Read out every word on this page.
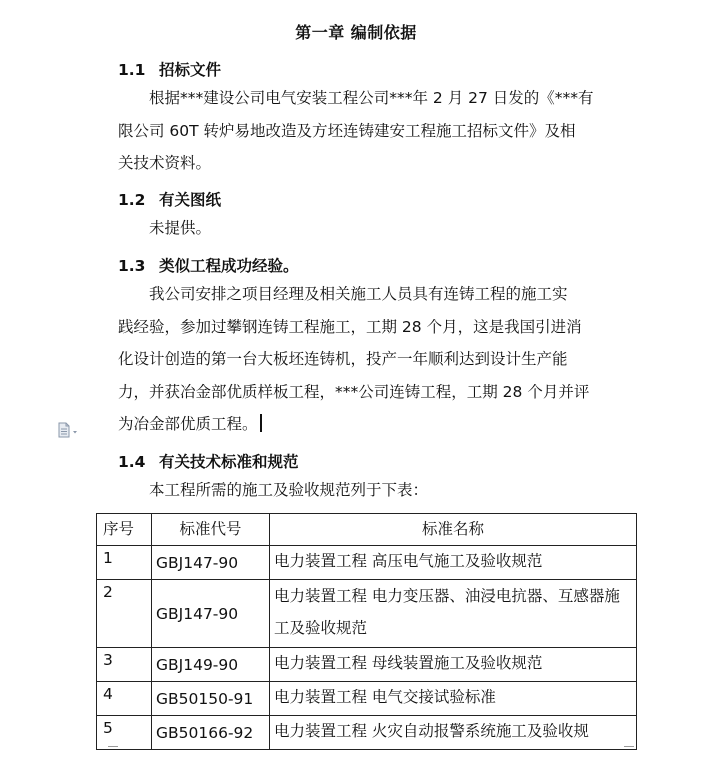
第一章 编制依据
1.1 招标文件
根据***建设公司电气安装工程公司***年 2 月 27 日发的《***有
限公司 60T 转炉易地改造及方坯连铸建安工程施工招标文件》及相
关技术资料。
1.2 有关图纸
未提供。
1.3 类似工程成功经验。
我公司安排之项目经理及相关施工人员具有连铸工程的施工实
践经验，参加过攀钢连铸工程施工，工期 28 个月，这是我国引进消
化设计创造的第一台大板坯连铸机，投产一年顺利达到设计生产能
力，并获冶金部优质样板工程，***公司连铸工程，工期 28 个月并评
为冶金部优质工程。
1.4 有关技术标准和规范
本工程所需的施工及验收规范列于下表：
序号	标准代号	标准名称
1	GBJ147-90	电力装置工程 高压电气施工及验收规范
2	GBJ147-90	电力装置工程 电力变压器、油浸电抗器、互感器施工及验收规范
3	GBJ149-90	电力装置工程 母线装置施工及验收规范
4	GB50150-91	电力装置工程 电气交接试验标准
5	GB50166-92	电力装置工程 火灾自动报警系统施工及验收规
